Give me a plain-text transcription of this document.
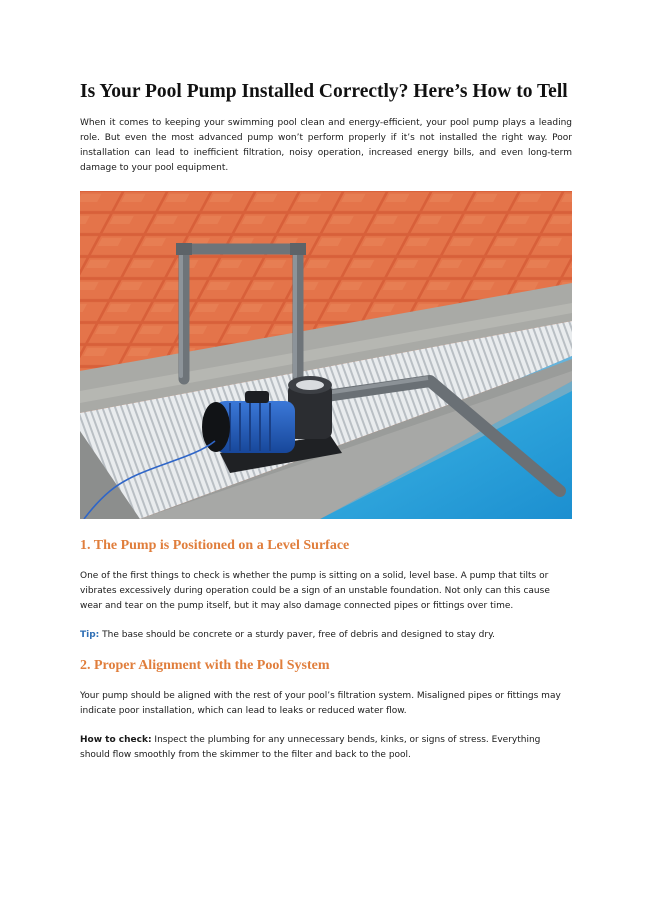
Is Your Pool Pump Installed Correctly? Here’s How to Tell

When it comes to keeping your swimming pool clean and energy-efficient, your pool pump plays a leading role. But even the most advanced pump won’t perform properly if it’s not installed the right way. Poor installation can lead to inefficient filtration, noisy operation, increased energy bills, and even long-term damage to your pool equipment.

1. The Pump is Positioned on a Level Surface

One of the first things to check is whether the pump is sitting on a solid, level base. A pump that tilts or vibrates excessively during operation could be a sign of an unstable foundation. Not only can this cause wear and tear on the pump itself, but it may also damage connected pipes or fittings over time.

Tip: The base should be concrete or a sturdy paver, free of debris and designed to stay dry.

2. Proper Alignment with the Pool System

Your pump should be aligned with the rest of your pool’s filtration system. Misaligned pipes or fittings may indicate poor installation, which can lead to leaks or reduced water flow.

How to check: Inspect the plumbing for any unnecessary bends, kinks, or signs of stress. Everything should flow smoothly from the skimmer to the filter and back to the pool.
